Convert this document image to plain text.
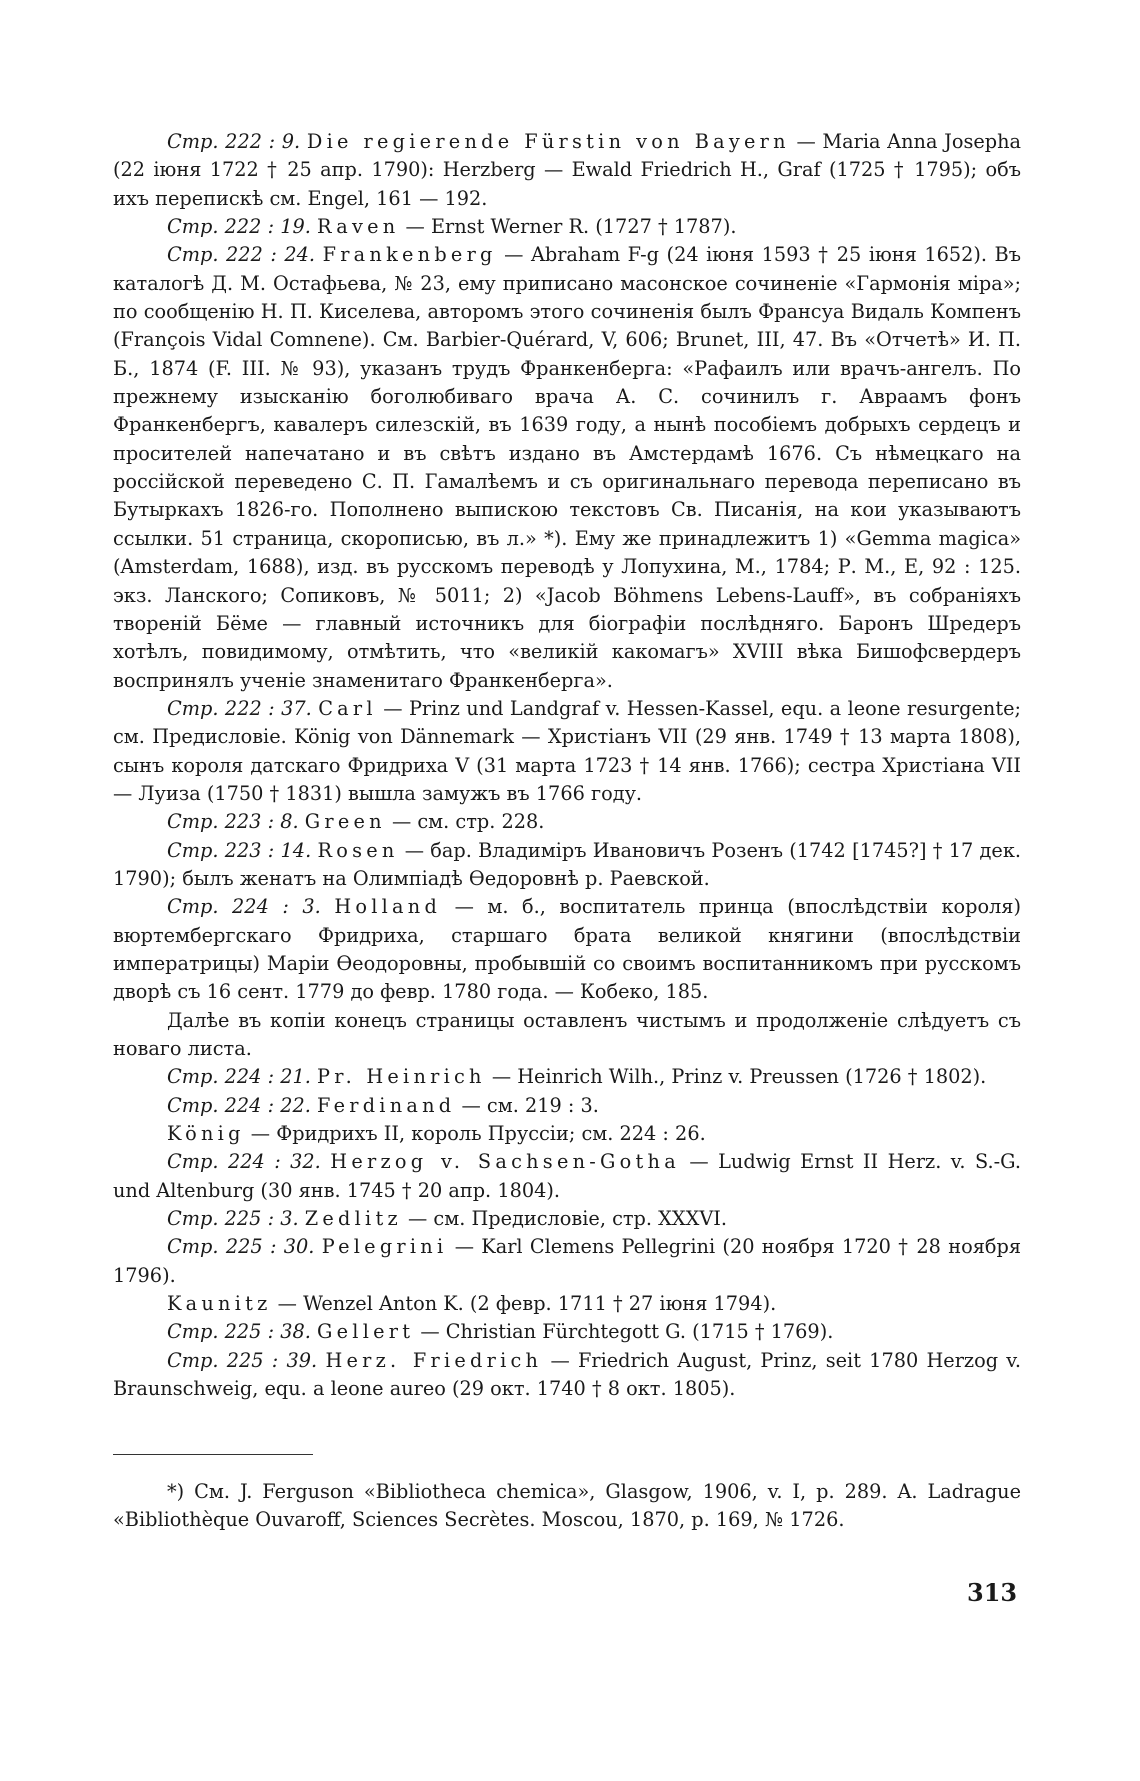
Стр. 222 : 9. Die regierende Fürstin von Bayern — Maria Anna Josepha (22 іюня 1722 † 25 апр. 1790): Herzberg — Ewald Friedrich H., Graf (1725 † 1795); объ ихъ перепискѣ см. Engel, 161 — 192.

Стр. 222 : 19. Raven — Ernst Werner R. (1727 † 1787).

Стр. 222 : 24. Frankenberg — Abraham F-g (24 іюня 1593 † 25 іюня 1652). Въ каталогѣ Д. М. Остафьева, № 23, ему приписано масонское сочиненіе «Гармонія міра»; по сообщенію Н. П. Киселева, авторомъ этого сочиненія былъ Франсуа Видаль Компенъ (François Vidal Comnene). См. Barbier-Quérard, V, 606; Brunet, III, 47. Въ «Отчетѣ» И. П. Б., 1874 (F. III. № 93), указанъ трудъ Франкенберга: «Рафаилъ или врачъ-ангелъ. По прежнему изысканію боголюбиваго врача А. С. сочинилъ г. Авраамъ фонъ Франкенбергъ, кавалеръ силезскій, въ 1639 году, а нынѣ пособіемъ добрыхъ сердецъ и просителей напечатано и въ свѣтъ издано въ Амстердамѣ 1676. Съ нѣмецкаго на россійской переведено С. П. Гамалѣемъ и съ оригинальнаго перевода переписано въ Бутыркахъ 1826-го. Пополнено выпискою текстовъ Св. Писанія, на кои указываютъ ссылки. 51 страница, скорописью, въ л.» *). Ему же принадлежитъ 1) «Gemma magica» (Amsterdam, 1688), изд. въ русскомъ переводѣ у Лопухина, М., 1784; Р. М., Е, 92 : 125. экз. Ланского; Сопиковъ, № 5011; 2) «Jacob Böhmens Lebens-Lauff», въ собраніяхъ твореній Бёме — главный источникъ для біографіи послѣдняго. Баронъ Шредеръ хотѣлъ, повидимому, отмѣтить, что «великій какомагъ» XVIII вѣка Бишофсвердеръ воспринялъ ученіе знаменитаго Франкенберга».

Стр. 222 : 37. Carl — Prinz und Landgraf v. Hessen-Kassel, equ. a leone resurgente; см. Предисловіе. König von Dännemark — Христіанъ VII (29 янв. 1749 † 13 марта 1808), сынъ короля датскаго Фридриха V (31 марта 1723 † 14 янв. 1766); сестра Христіана VII — Луиза (1750 † 1831) вышла замужъ въ 1766 году.

Стр. 223 : 8. Green — см. стр. 228.

Стр. 223 : 14. Rosen — бар. Владиміръ Ивановичъ Розенъ (1742 [1745?] † 17 дек. 1790); былъ женатъ на Олимпіадѣ Ѳедоровнѣ р. Раевской.

Стр. 224 : 3. Holland — м. б., воспитатель принца (впослѣдствіи короля) вюртембергскаго Фридриха, старшаго брата великой княгини (впослѣдствіи императрицы) Маріи Ѳеодоровны, пробывшій со своимъ воспитанникомъ при русскомъ дворѣ съ 16 сент. 1779 до февр. 1780 года. — Кобеко, 185.

Далѣе въ копіи конецъ страницы оставленъ чистымъ и продолженіе слѣдуетъ съ новаго листа.

Стр. 224 : 21. Pr. Heinrich — Heinrich Wilh., Prinz v. Preussen (1726 † 1802).

Стр. 224 : 22. Ferdinand — см. 219 : 3.

König — Фридрихъ II, король Пруссіи; см. 224 : 26.

Стр. 224 : 32. Herzog v. Sachsen-Gotha — Ludwig Ernst II Herz. v. S.-G. und Altenburg (30 янв. 1745 † 20 апр. 1804).

Стр. 225 : 3. Zedlitz — см. Предисловіе, стр. XXXVI.

Стр. 225 : 30. Pelegrini — Karl Clemens Pellegrini (20 ноября 1720 † 28 ноября 1796).

Kaunitz — Wenzel Anton K. (2 февр. 1711 † 27 іюня 1794).

Стр. 225 : 38. Gellert — Christian Fürchtegott G. (1715 † 1769).

Стр. 225 : 39. Herz. Friedrich — Friedrich August, Prinz, seit 1780 Herzog v. Braunschweig, equ. a leone aureo (29 окт. 1740 † 8 окт. 1805).

*) См. J. Ferguson «Bibliotheca chemica», Glasgow, 1906, v. I, p. 289. A. Ladrague «Bibliothèque Ouvaroff, Sciences Secrètes. Moscou, 1870, p. 169, № 1726.

313
